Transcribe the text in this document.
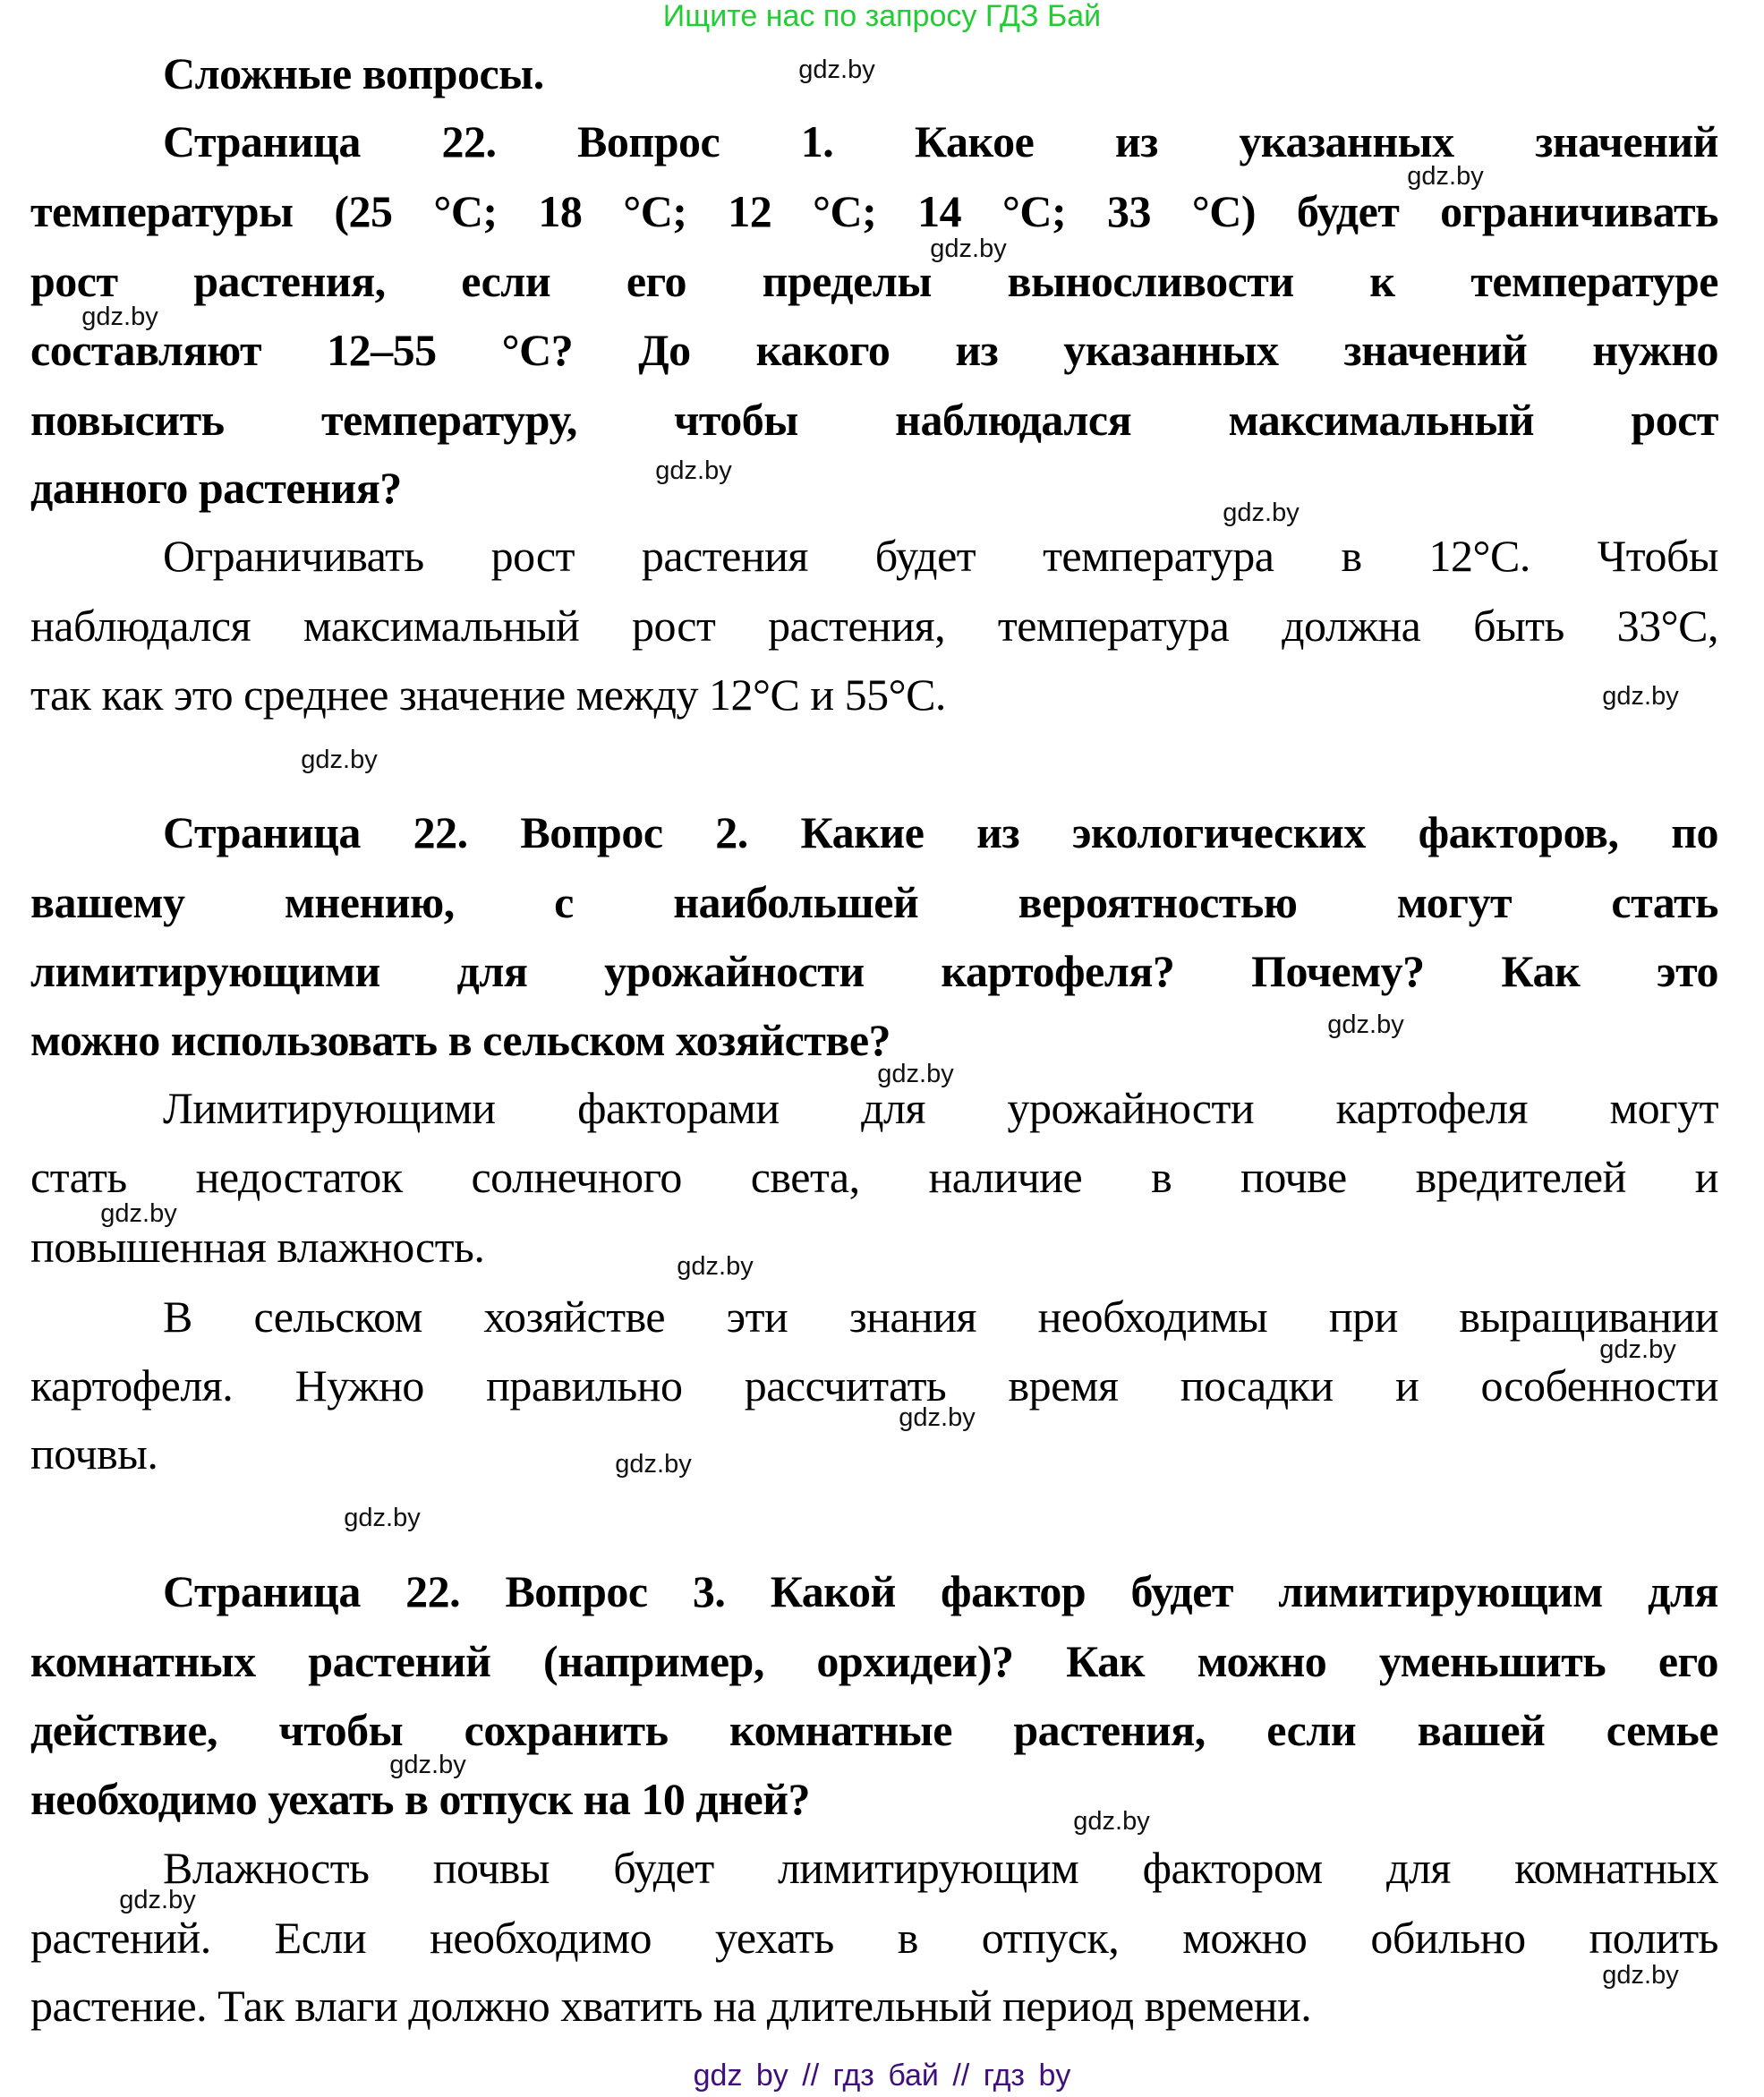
Ищите нас по запросу ГДЗ Бай
Сложные вопросы.
Страница 22. Вопрос 1. Какое из указанных значений
температуры (25 °С; 18 °С; 12 °С; 14 °С; 33 °С) будет ограничивать
рост растения, если его пределы выносливости к температуре
составляют 12–55 °С? До какого из указанных значений нужно
повысить температуру, чтобы наблюдался максимальный рост
данного растения?
Ограничивать рост растения будет температура в 12°С. Чтобы
наблюдался максимальный рост растения, температура должна быть 33°С,
так как это среднее значение между 12°С и 55°С.
Страница 22. Вопрос 2. Какие из экологических факторов, по
вашему мнению, с наибольшей вероятностью могут стать
лимитирующими для урожайности картофеля? Почему? Как это
можно использовать в сельском хозяйстве?
Лимитирующими факторами для урожайности картофеля могут
стать недостаток солнечного света, наличие в почве вредителей и
повышенная влажность.
В сельском хозяйстве эти знания необходимы при выращивании
картофеля. Нужно правильно рассчитать время посадки и особенности
почвы.
Страница 22. Вопрос 3. Какой фактор будет лимитирующим для
комнатных растений (например, орхидеи)? Как можно уменьшить его
действие, чтобы сохранить комнатные растения, если вашей семье
необходимо уехать в отпуск на 10 дней?
Влажность почвы будет лимитирующим фактором для комнатных
растений. Если необходимо уехать в отпуск, можно обильно полить
растение. Так влаги должно хватить на длительный период времени.
gdz.by
gdz.by
gdz.by
gdz.by
gdz.by
gdz.by
gdz.by
gdz.by
gdz.by
gdz.by
gdz.by
gdz.by
gdz.by
gdz.by
gdz.by
gdz.by
gdz.by
gdz.by
gdz.by
gdz.by
gdz by // гдз бай // гдз by
